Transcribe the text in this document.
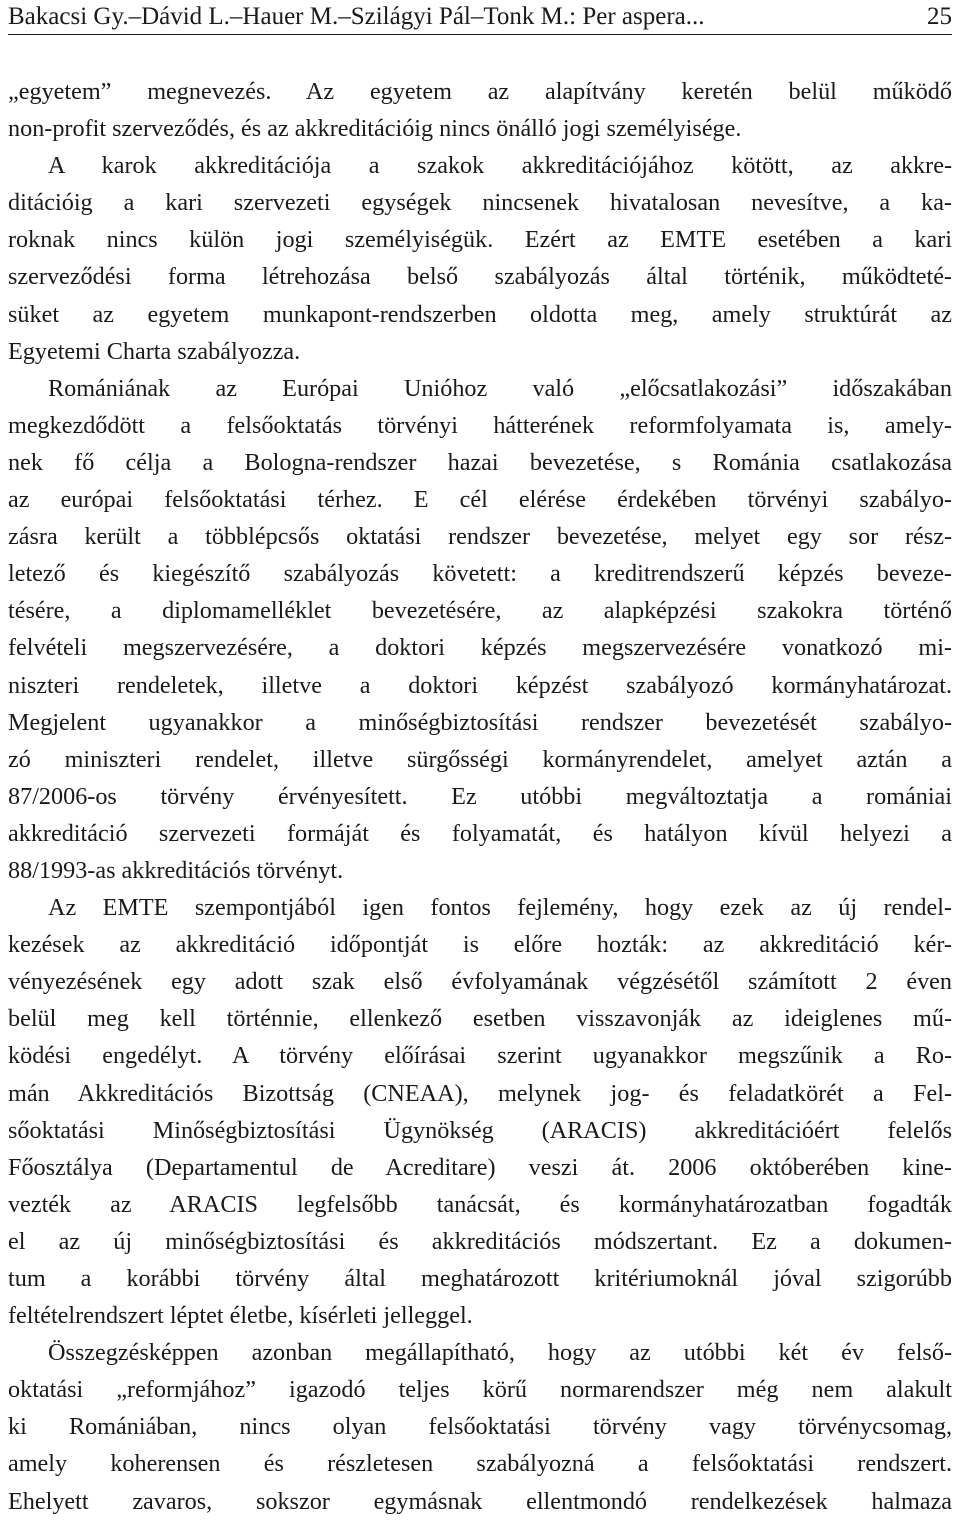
Bakacsi Gy.–Dávid L.–Hauer M.–Szilágyi Pál–Tonk M.: Per aspera...	25
„egyetem” megnevezés. Az egyetem az alapítvány keretén belül működő
non-profit szerveződés, és az akkreditációig nincs önálló jogi személyisége.
A karok akkreditációja a szakok akkreditációjához kötött, az akkre-
ditációig a kari szervezeti egységek nincsenek hivatalosan nevesítve, a ka-
roknak nincs külön jogi személyiségük. Ezért az EMTE esetében a kari
szerveződési forma létrehozása belső szabályozás által történik, működteté-
süket az egyetem munkapont-rendszerben oldotta meg, amely struktúrát az
Egyetemi Charta szabályozza.
Romániának az Európai Unióhoz való „előcsatlakozási” időszakában
megkezdődött a felsőoktatás törvényi hátterének reformfolyamata is, amely-
nek fő célja a Bologna-rendszer hazai bevezetése, s Románia csatlakozása
az európai felsőoktatási térhez. E cél elérése érdekében törvényi szabályo-
zásra került a többlépcsős oktatási rendszer bevezetése, melyet egy sor rész-
letező és kiegészítő szabályozás követett: a kreditrendszerű képzés beveze-
tésére, a diplomamelléklet bevezetésére, az alapképzési szakokra történő
felvételi megszervezésére, a doktori képzés megszervezésére vonatkozó mi-
niszteri rendeletek, illetve a doktori képzést szabályozó kormányhatározat.
Megjelent ugyanakkor a minőségbiztosítási rendszer bevezetését szabályo-
zó miniszteri rendelet, illetve sürgősségi kormányrendelet, amelyet aztán a
87/2006-os törvény érvényesített. Ez utóbbi megváltoztatja a romániai
akkreditáció szervezeti formáját és folyamatát, és hatályon kívül helyezi a
88/1993-as akkreditációs törvényt.
Az EMTE szempontjából igen fontos fejlemény, hogy ezek az új rendel-
kezések az akkreditáció időpontját is előre hozták: az akkreditáció kér-
vényezésének egy adott szak első évfolyamának végzésétől számított 2 éven
belül meg kell történnie, ellenkező esetben visszavonják az ideiglenes mű-
ködési engedélyt. A törvény előírásai szerint ugyanakkor megszűnik a Ro-
mán Akkreditációs Bizottság (CNEAA), melynek jog- és feladatkörét a Fel-
sőoktatási Minőségbiztosítási Ügynökség (ARACIS) akkreditációért felelős
Főosztálya (Departamentul de Acreditare) veszi át. 2006 októberében kine-
vezték az ARACIS legfelsőbb tanácsát, és kormányhatározatban fogadták
el az új minőségbiztosítási és akkreditációs módszertant. Ez a dokumen-
tum a korábbi törvény által meghatározott kritériumoknál jóval szigorúbb
feltételrendszert léptet életbe, kísérleti jelleggel.
Összegzésképpen azonban megállapítható, hogy az utóbbi két év felső-
oktatási „reformjához” igazodó teljes körű normarendszer még nem alakult
ki Romániában, nincs olyan felsőoktatási törvény vagy törvénycsomag,
amely koherensen és részletesen szabályozná a felsőoktatási rendszert.
Ehelyett zavaros, sokszor egymásnak ellentmondó rendelkezések halmaza
